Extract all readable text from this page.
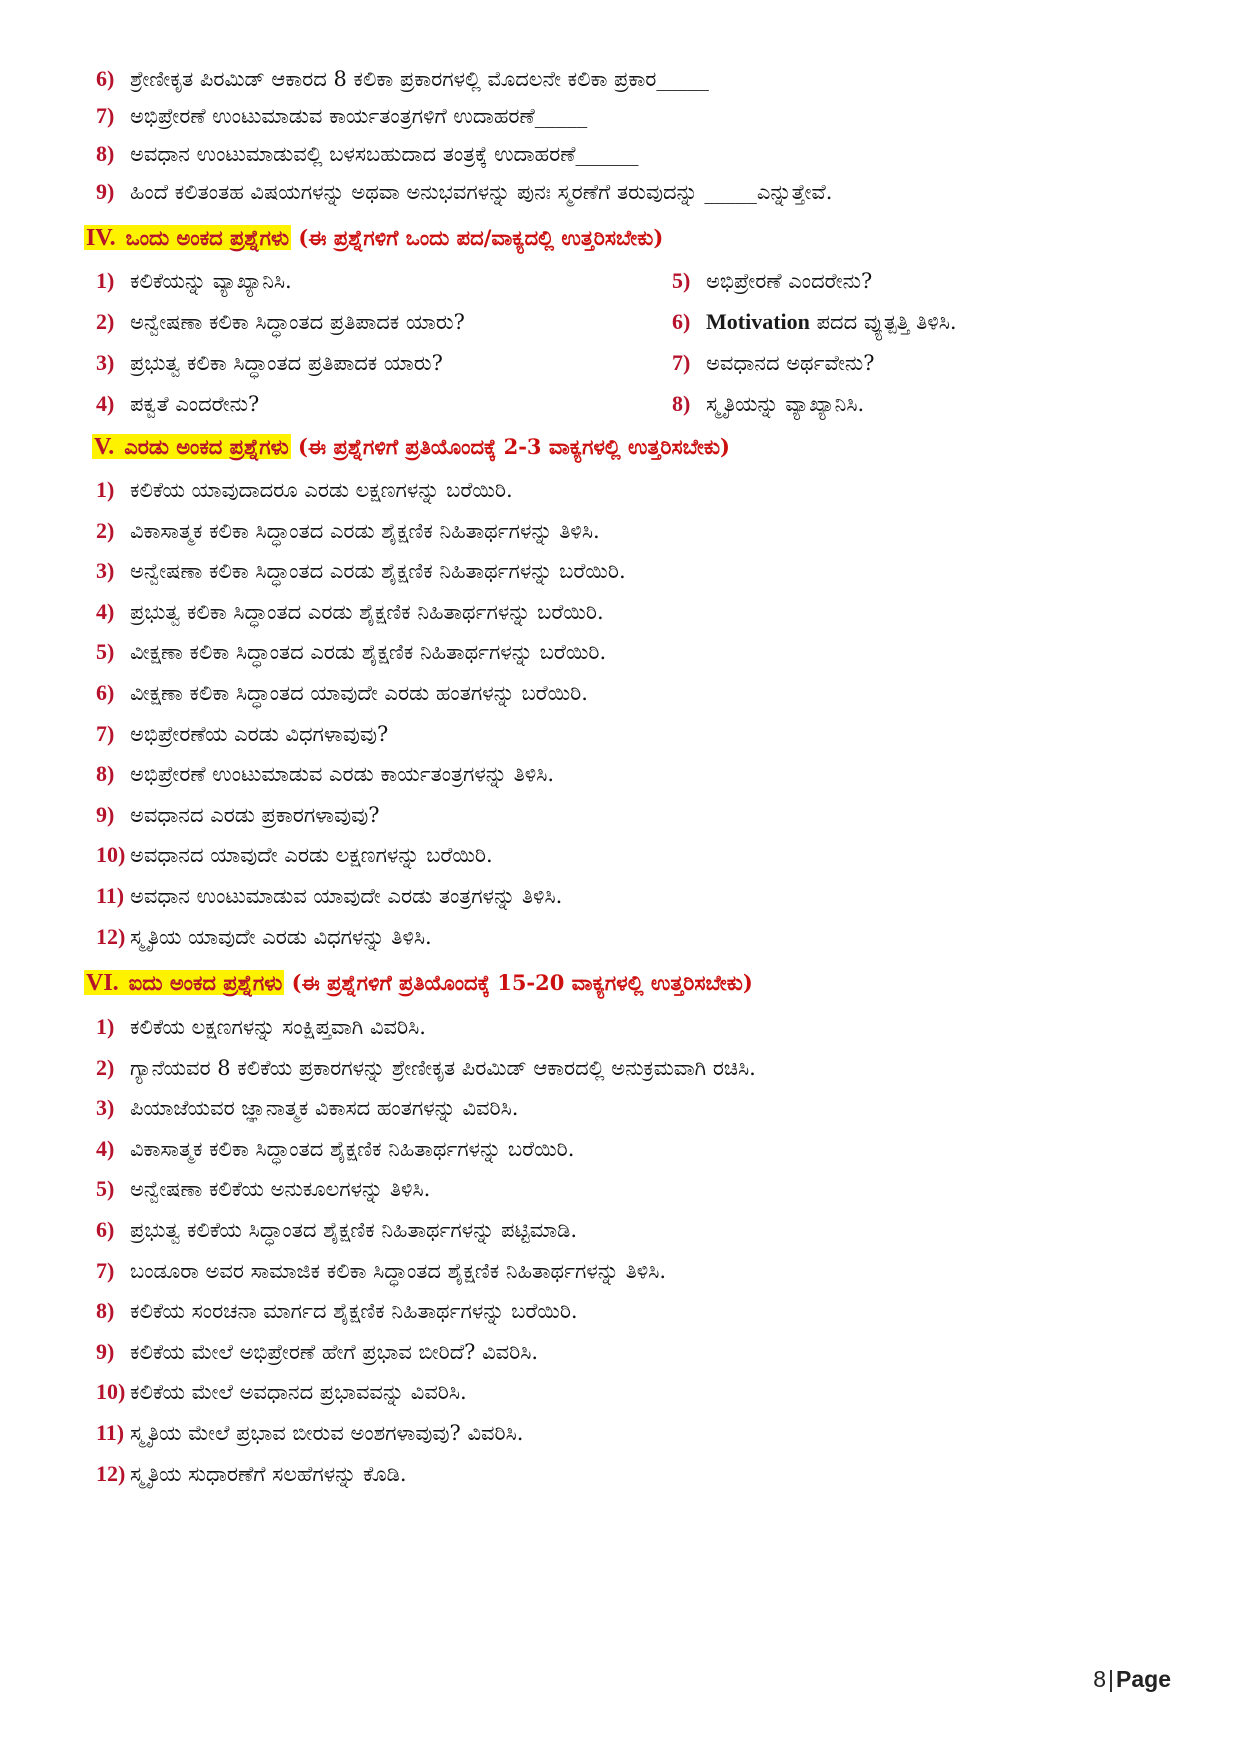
6) ಶ್ರೇಣೀಕೃತ ಪಿರಮಿಡ್ ಆಕಾರದ 8 ಕಲಿಕಾ ಪ್ರಕಾರಗಳಲ್ಲಿ ಮೊದಲನೇ ಕಲಿಕಾ ಪ್ರಕಾರ_____
7) ಅಭಿಪ್ರೇರಣೆ ಉಂಟುಮಾಡುವ ಕಾರ್ಯತಂತ್ರಗಳಿಗೆ ಉದಾಹರಣೆ_____
8) ಅವಧಾನ ಉಂಟುಮಾಡುವಲ್ಲಿ ಬಳಸಬಹುದಾದ ತಂತ್ರಕ್ಕೆ ಉದಾಹರಣೆ______
9) ಹಿಂದೆ ಕಲಿತಂತಹ ವಿಷಯಗಳನ್ನು ಅಥವಾ ಅನುಭವಗಳನ್ನು ಪುನಃ ಸ್ಮರಣೆಗೆ ತರುವುದನ್ನು _____ಎನ್ನುತ್ತೇವೆ.
IV. ಒಂದು ಅಂಕದ ಪ್ರಶ್ನೆಗಳು (ಈ ಪ್ರಶ್ನೆಗಳಿಗೆ ಒಂದು ಪದ/ವಾಕ್ಯದಲ್ಲಿ ಉತ್ತರಿಸಬೇಕು)
1) ಕಲಿಕೆಯನ್ನು ವ್ಯಾಖ್ಯಾನಿಸಿ.
2) ಅನ್ವೇಷಣಾ ಕಲಿಕಾ ಸಿದ್ಧಾಂತದ ಪ್ರತಿಪಾದಕ ಯಾರು?
3) ಪ್ರಭುತ್ವ ಕಲಿಕಾ ಸಿದ್ಧಾಂತದ ಪ್ರತಿಪಾದಕ ಯಾರು?
4) ಪಕ್ವತೆ ಎಂದರೇನು?
5) ಅಭಿಪ್ರೇರಣೆ ಎಂದರೇನು?
6) Motivation ಪದದ ವ್ಯುತ್ಪತ್ತಿ ತಿಳಿಸಿ.
7) ಅವಧಾನದ ಅರ್ಥವೇನು?
8) ಸ್ಮೃತಿಯನ್ನು ವ್ಯಾಖ್ಯಾನಿಸಿ.
V. ಎರಡು ಅಂಕದ ಪ್ರಶ್ನೆಗಳು (ಈ ಪ್ರಶ್ನೆಗಳಿಗೆ ಪ್ರತಿಯೊಂದಕ್ಕೆ 2-3 ವಾಕ್ಯಗಳಲ್ಲಿ ಉತ್ತರಿಸಬೇಕು)
1) ಕಲಿಕೆಯ ಯಾವುದಾದರೂ ಎರಡು ಲಕ್ಷಣಗಳನ್ನು ಬರೆಯಿರಿ.
2) ವಿಕಾಸಾತ್ಮಕ ಕಲಿಕಾ ಸಿದ್ಧಾಂತದ ಎರಡು ಶೈಕ್ಷಣಿಕ ನಿಹಿತಾರ್ಥಗಳನ್ನು ತಿಳಿಸಿ.
3) ಅನ್ವೇಷಣಾ ಕಲಿಕಾ ಸಿದ್ಧಾಂತದ ಎರಡು ಶೈಕ್ಷಣಿಕ ನಿಹಿತಾರ್ಥಗಳನ್ನು ಬರೆಯಿರಿ.
4) ಪ್ರಭುತ್ವ ಕಲಿಕಾ ಸಿದ್ಧಾಂತದ ಎರಡು ಶೈಕ್ಷಣಿಕ ನಿಹಿತಾರ್ಥಗಳನ್ನು ಬರೆಯಿರಿ.
5) ವೀಕ್ಷಣಾ ಕಲಿಕಾ ಸಿದ್ಧಾಂತದ ಎರಡು ಶೈಕ್ಷಣಿಕ ನಿಹಿತಾರ್ಥಗಳನ್ನು ಬರೆಯಿರಿ.
6) ವೀಕ್ಷಣಾ ಕಲಿಕಾ ಸಿದ್ಧಾಂತದ ಯಾವುದೇ ಎರಡು ಹಂತಗಳನ್ನು ಬರೆಯಿರಿ.
7) ಅಭಿಪ್ರೇರಣೆಯ ಎರಡು ವಿಧಗಳಾವುವು?
8) ಅಭಿಪ್ರೇರಣೆ ಉಂಟುಮಾಡುವ ಎರಡು ಕಾರ್ಯತಂತ್ರಗಳನ್ನು ತಿಳಿಸಿ.
9) ಅವಧಾನದ ಎರಡು ಪ್ರಕಾರಗಳಾವುವು?
10) ಅವಧಾನದ ಯಾವುದೇ ಎರಡು ಲಕ್ಷಣಗಳನ್ನು ಬರೆಯಿರಿ.
11) ಅವಧಾನ ಉಂಟುಮಾಡುವ ಯಾವುದೇ ಎರಡು ತಂತ್ರಗಳನ್ನು ತಿಳಿಸಿ.
12) ಸ್ಮೃತಿಯ ಯಾವುದೇ ಎರಡು ವಿಧಗಳನ್ನು ತಿಳಿಸಿ.
VI. ಐದು ಅಂಕದ ಪ್ರಶ್ನೆಗಳು (ಈ ಪ್ರಶ್ನೆಗಳಿಗೆ ಪ್ರತಿಯೊಂದಕ್ಕೆ 15-20 ವಾಕ್ಯಗಳಲ್ಲಿ ಉತ್ತರಿಸಬೇಕು)
1) ಕಲಿಕೆಯ ಲಕ್ಷಣಗಳನ್ನು ಸಂಕ್ಷಿಪ್ತವಾಗಿ ವಿವರಿಸಿ.
2) ಗ್ಯಾನೆಯವರ 8 ಕಲಿಕೆಯ ಪ್ರಕಾರಗಳನ್ನು ಶ್ರೇಣೀಕೃತ ಪಿರಮಿಡ್ ಆಕಾರದಲ್ಲಿ ಅನುಕ್ರಮವಾಗಿ ರಚಿಸಿ.
3) ಪಿಯಾಜೆಯವರ ಜ್ಞಾನಾತ್ಮಕ ವಿಕಾಸದ ಹಂತಗಳನ್ನು ವಿವರಿಸಿ.
4) ವಿಕಾಸಾತ್ಮಕ ಕಲಿಕಾ ಸಿದ್ಧಾಂತದ ಶೈಕ್ಷಣಿಕ ನಿಹಿತಾರ್ಥಗಳನ್ನು ಬರೆಯಿರಿ.
5) ಅನ್ವೇಷಣಾ ಕಲಿಕೆಯ ಅನುಕೂಲಗಳನ್ನು ತಿಳಿಸಿ.
6) ಪ್ರಭುತ್ವ ಕಲಿಕೆಯ ಸಿದ್ಧಾಂತದ ಶೈಕ್ಷಣಿಕ ನಿಹಿತಾರ್ಥಗಳನ್ನು ಪಟ್ಟಿಮಾಡಿ.
7) ಬಂಡೂರಾ ಅವರ ಸಾಮಾಜಿಕ ಕಲಿಕಾ ಸಿದ್ಧಾಂತದ ಶೈಕ್ಷಣಿಕ ನಿಹಿತಾರ್ಥಗಳನ್ನು ತಿಳಿಸಿ.
8) ಕಲಿಕೆಯ ಸಂರಚನಾ ಮಾರ್ಗದ ಶೈಕ್ಷಣಿಕ ನಿಹಿತಾರ್ಥಗಳನ್ನು ಬರೆಯಿರಿ.
9) ಕಲಿಕೆಯ ಮೇಲೆ ಅಭಿಪ್ರೇರಣೆ ಹೇಗೆ ಪ್ರಭಾವ ಬೀರಿದೆ? ವಿವರಿಸಿ.
10) ಕಲಿಕೆಯ ಮೇಲೆ ಅವಧಾನದ ಪ್ರಭಾವವನ್ನು ವಿವರಿಸಿ.
11) ಸ್ಮೃತಿಯ ಮೇಲೆ ಪ್ರಭಾವ ಬೀರುವ ಅಂಶಗಳಾವುವು? ವಿವರಿಸಿ.
12) ಸ್ಮೃತಿಯ ಸುಧಾರಣೆಗೆ ಸಲಹೆಗಳನ್ನು ಕೊಡಿ.
8|Page
